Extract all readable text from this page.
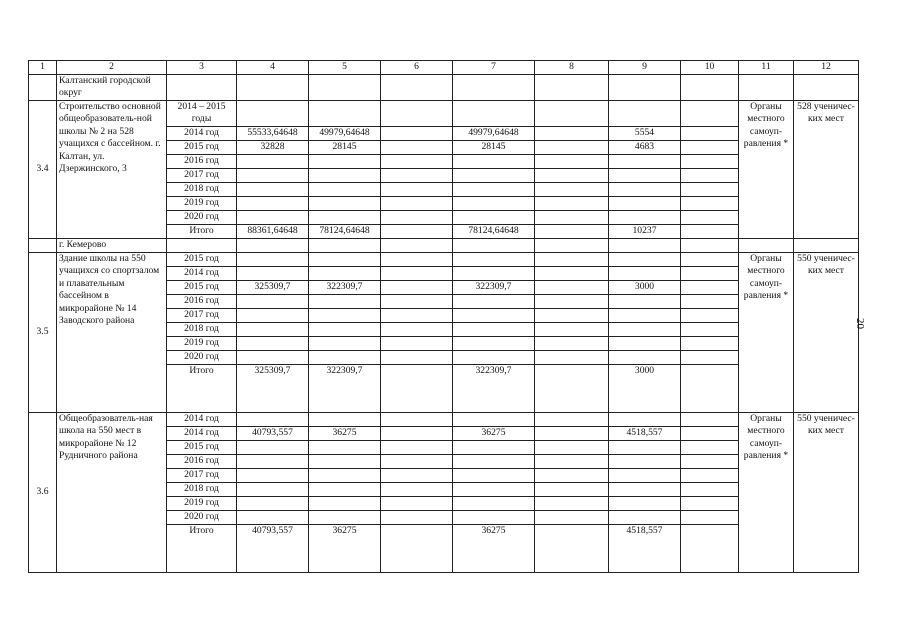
1	2	3	4	5	6	7	8	9	10	11	12
	Калтанский городской округ										
3.4	Строительство основной общеобразователь-ной школы № 2 на 528 учащихся с бассейном. г. Калтан, ул. Дзержинского, 3	2014 – 2015 годы								Органы местного самоуп-равления *	528 ученичес-ких мест
		2014 год	55533,64648	49979,64648		49979,64648		5554			
		2015 год	32828	28145		28145		4683			
		2016 год									
		2017 год									
		2018 год									
		2019 год									
		2020 год									
		Итого	88361,64648	78124,64648		78124,64648		10237			
	г. Кемерово										
3.5	Здание школы на 550 учащихся со спортзалом и плавательным бассейном в микрорайоне № 14 Заводского района	2015 год								Органы местного самоуп-равления *	550 ученичес-ких мест
		2014 год									
		2015 год	325309,7	322309,7		322309,7		3000			
		2016 год									
		2017 год									
		2018 год									
		2019 год									
		2020 год									
		Итого	325309,7	322309,7		322309,7		3000			
3.6	Общеобразователь-ная школа на 550 мест в микрорайоне № 12 Рудничного района	2014 год								Органы местного самоуп-равления *	550 ученичес-ких мест
		2014 год	40793,557	36275		36275		4518,557			
		2015 год									
		2016 год									
		2017 год									
		2018 год									
		2019 год									
		2020 год									
		Итого	40793,557	36275		36275		4518,557			
20
